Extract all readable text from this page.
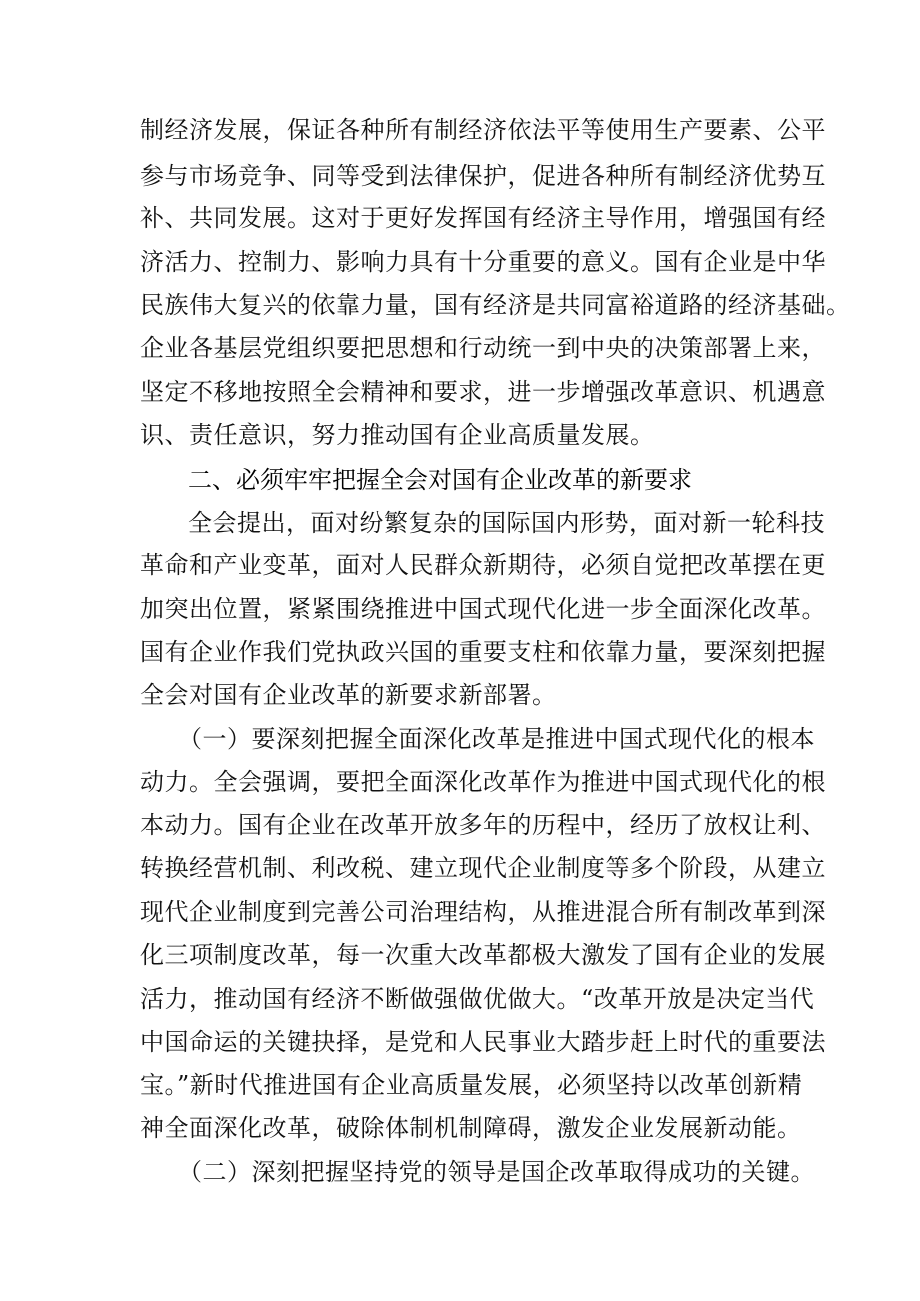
制经济发展，保证各种所有制经济依法平等使用生产要素、公平

参与市场竞争、同等受到法律保护，促进各种所有制经济优势互

补、共同发展。这对于更好发挥国有经济主导作用，增强国有经

济活力、控制力、影响力具有十分重要的意义。国有企业是中华

民族伟大复兴的依靠力量，国有经济是共同富裕道路的经济基础。

企业各基层党组织要把思想和行动统一到中央的决策部署上来，

坚定不移地按照全会精神和要求，进一步增强改革意识、机遇意

识、责任意识，努力推动国有企业高质量发展。

二、必须牢牢把握全会对国有企业改革的新要求

全会提出，面对纷繁复杂的国际国内形势，面对新一轮科技

革命和产业变革，面对人民群众新期待，必须自觉把改革摆在更

加突出位置，紧紧围绕推进中国式现代化进一步全面深化改革。

国有企业作我们党执政兴国的重要支柱和依靠力量，要深刻把握

全会对国有企业改革的新要求新部署。

（一）要深刻把握全面深化改革是推进中国式现代化的根本

动力。全会强调，要把全面深化改革作为推进中国式现代化的根

本动力。国有企业在改革开放多年的历程中，经历了放权让利、

转换经营机制、利改税、建立现代企业制度等多个阶段，从建立

现代企业制度到完善公司治理结构，从推进混合所有制改革到深

化三项制度改革，每一次重大改革都极大激发了国有企业的发展

活力，推动国有经济不断做强做优做大。“改革开放是决定当代

中国命运的关键抉择，是党和人民事业大踏步赶上时代的重要法

宝。”新时代推进国有企业高质量发展，必须坚持以改革创新精

神全面深化改革，破除体制机制障碍，激发企业发展新动能。

（二）深刻把握坚持党的领导是国企改革取得成功的关键。
